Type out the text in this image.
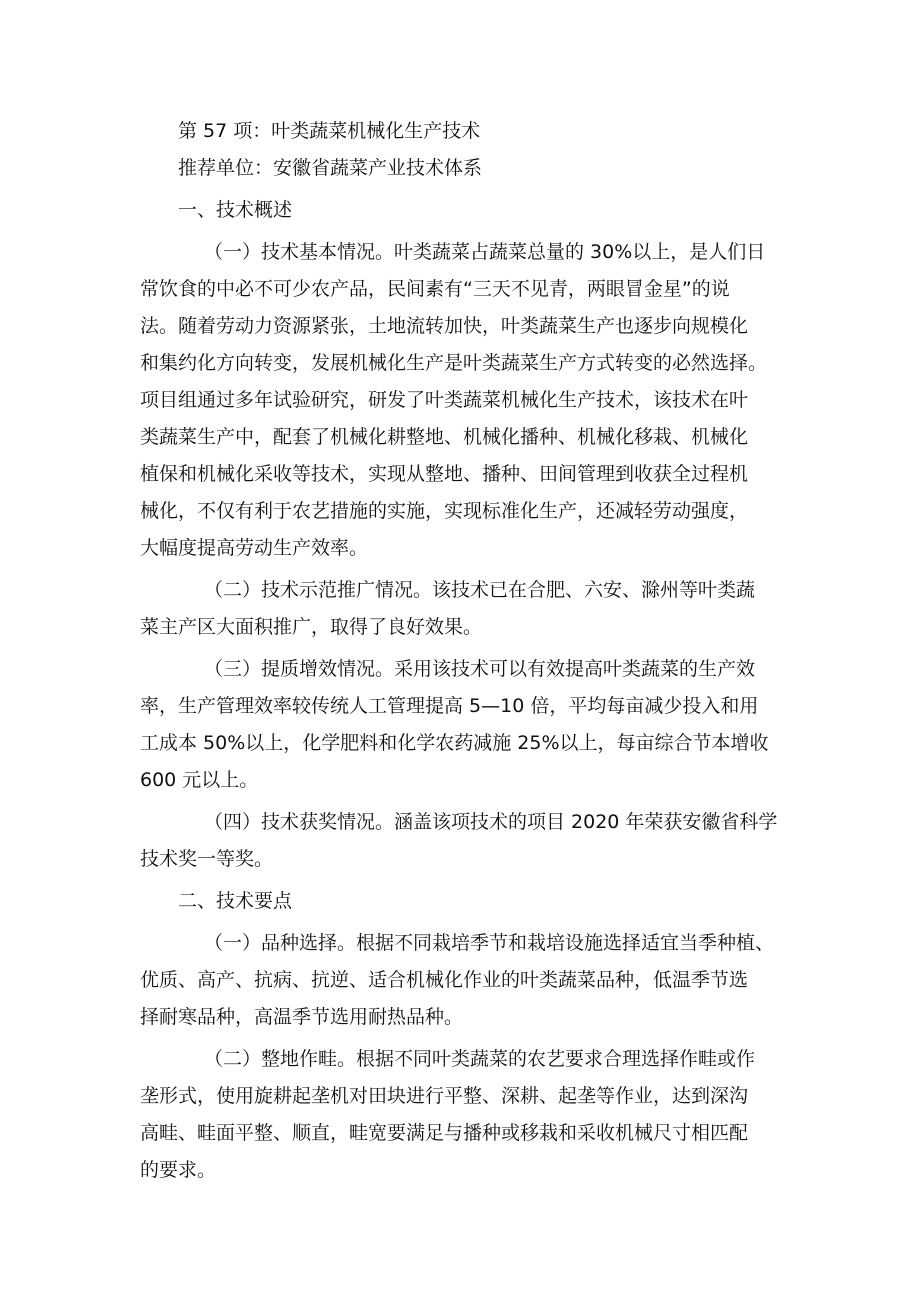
第 57 项：叶类蔬菜机械化生产技术
推荐单位：安徽省蔬菜产业技术体系
一、技术概述
（一）技术基本情况。叶类蔬菜占蔬菜总量的 30%以上，是人们日
常饮食的中必不可少农产品，民间素有“三天不见青，两眼冒金星”的说
法。随着劳动力资源紧张，土地流转加快，叶类蔬菜生产也逐步向规模化
和集约化方向转变，发展机械化生产是叶类蔬菜生产方式转变的必然选择。
项目组通过多年试验研究，研发了叶类蔬菜机械化生产技术，该技术在叶
类蔬菜生产中，配套了机械化耕整地、机械化播种、机械化移栽、机械化
植保和机械化采收等技术，实现从整地、播种、田间管理到收获全过程机
械化，不仅有利于农艺措施的实施，实现标准化生产，还减轻劳动强度，
大幅度提高劳动生产效率。
（二）技术示范推广情况。该技术已在合肥、六安、滁州等叶类蔬
菜主产区大面积推广，取得了良好效果。
（三）提质增效情况。采用该技术可以有效提高叶类蔬菜的生产效
率，生产管理效率较传统人工管理提高 5—10 倍，平均每亩减少投入和用
工成本 50%以上，化学肥料和化学农药减施 25%以上，每亩综合节本增收
600 元以上。
（四）技术获奖情况。涵盖该项技术的项目 2020 年荣获安徽省科学
技术奖一等奖。
二、技术要点
（一）品种选择。根据不同栽培季节和栽培设施选择适宜当季种植、
优质、高产、抗病、抗逆、适合机械化作业的叶类蔬菜品种，低温季节选
择耐寒品种，高温季节选用耐热品种。
（二）整地作畦。根据不同叶类蔬菜的农艺要求合理选择作畦或作
垄形式，使用旋耕起垄机对田块进行平整、深耕、起垄等作业，达到深沟
高畦、畦面平整、顺直，畦宽要满足与播种或移栽和采收机械尺寸相匹配
的要求。
